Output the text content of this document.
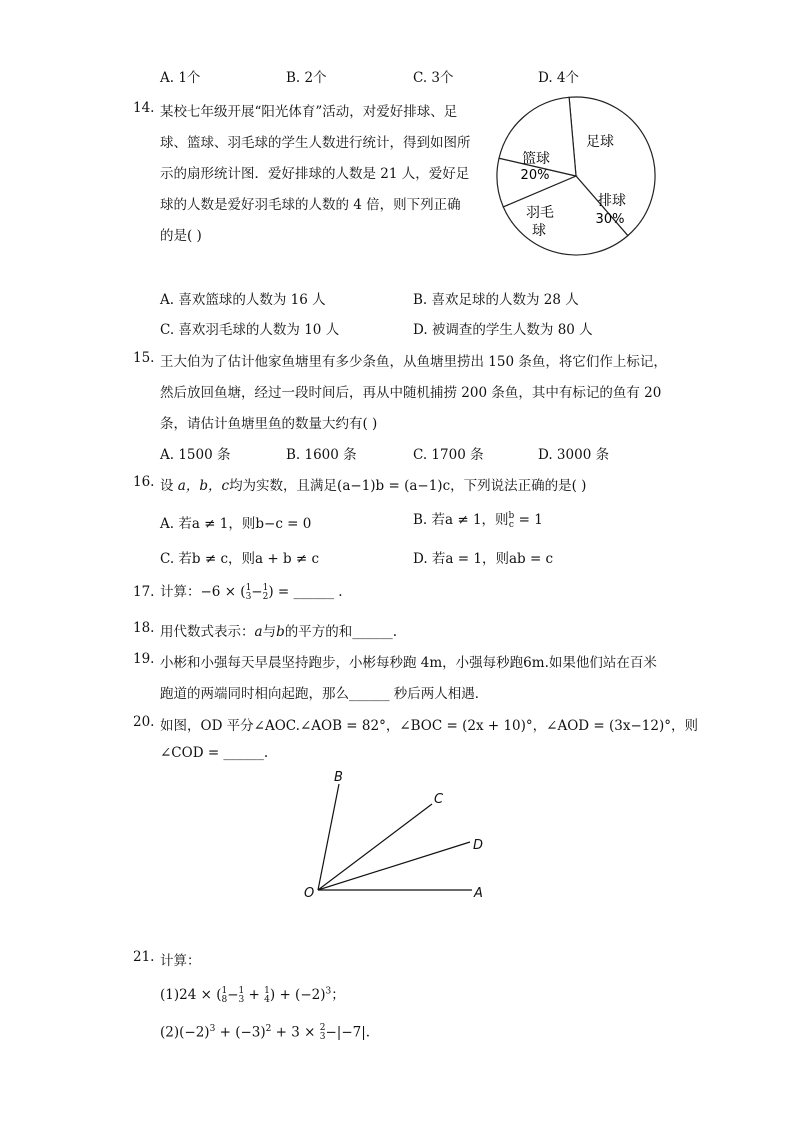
A. 1个	B. 2个	C. 3个	D. 4个
14. 某校七年级开展“阳光体育”活动，对爱好排球、足
球、篮球、羽毛球的学生人数进行统计，得到如图所
示的扇形统计图．爱好排球的人数是 21 人，爱好足
球的人数是爱好羽毛球的人数的 4 倍，则下列正确
的是( )
足球
排球
30%
羽毛
球
篮球
20%
A. 喜欢篮球的人数为 16 人	B. 喜欢足球的人数为 28 人
C. 喜欢羽毛球的人数为 10 人	D. 被调查的学生人数为 80 人
15. 王大伯为了估计他家鱼塘里有多少条鱼，从鱼塘里捞出 150 条鱼，将它们作上标记，
然后放回鱼塘，经过一段时间后，再从中随机捕捞 200 条鱼，其中有标记的鱼有 20
条，请估计鱼塘里鱼的数量大约有( )
A. 1500 条	B. 1600 条	C. 1700 条	D. 3000 条
16. 设 a，b，c均为实数，且满足(a−1)b = (a−1)c，下列说法正确的是( )
A. 若a ≠ 1，则b−c = 0	B. 若a ≠ 1，则 b
c = 1
C. 若b ≠ c，则a + b ≠ c	D. 若a = 1，则ab = c
17. 计算：−6 × ( 1
3 − 1
2 ) = ______ .
18. 用代数式表示：a与b的平方的和______.
19. 小彬和小强每天早晨坚持跑步，小彬每秒跑 4m，小强每秒跑6m.如果他们站在百米
跑道的两端同时相向起跑，那么______ 秒后两人相遇．
20. 如图，OD 平分∠AOC.∠AOB = 82°，∠BOC = (2x + 10)°，∠AOD = (3x−12)°，则
∠COD = ______.
B
C
D
O	A
21. 计算：
(1)24 × ( 1
8 − 1
3 + 1
4 ) + $(-2)^3$；
$(2)(-2)^3 + (-3)^2 + 3 \times 2$
3 −|−7|.
